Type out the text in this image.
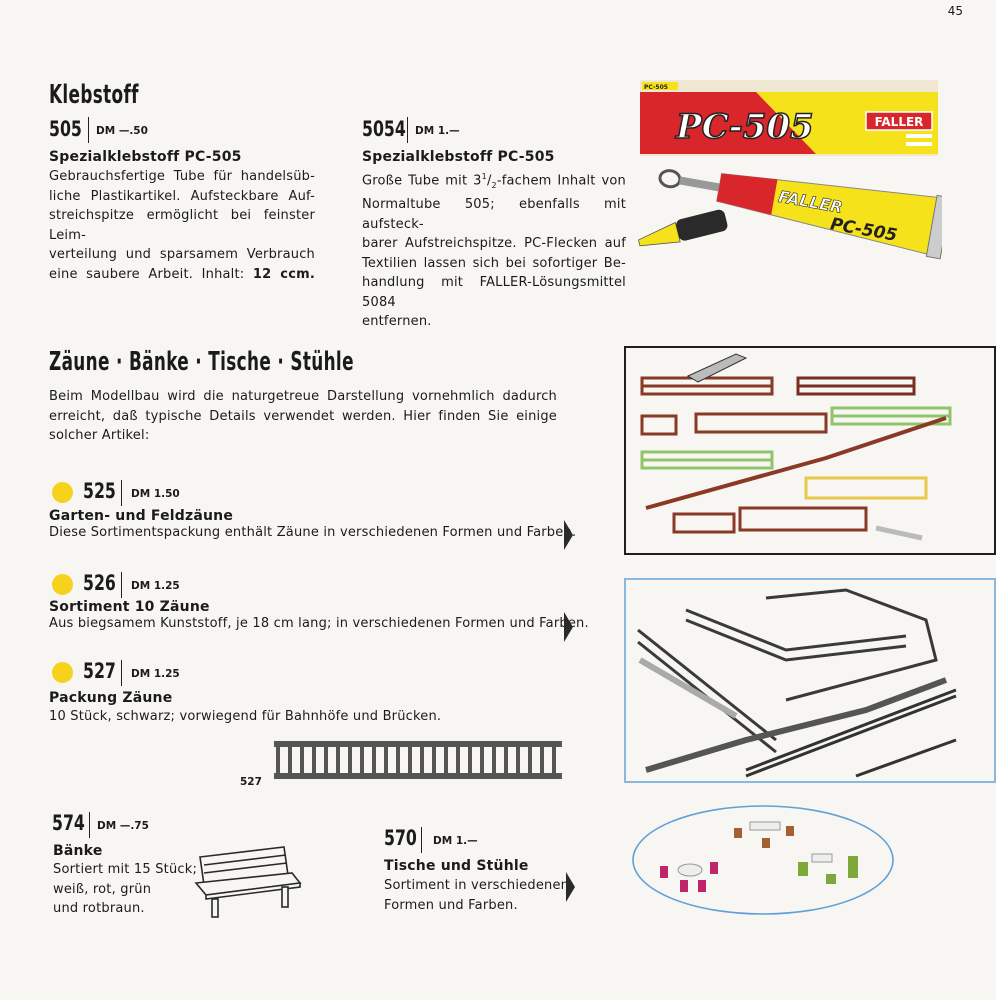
45
Klebstoff
505 DM —.50
Spezialklebstoff PC-505
Gebrauchsfertige Tube für handelsüb-
liche Plastikartikel. Aufsteckbare Auf-
streichspitze ermöglicht bei feinster Leim-
verteilung und sparsamem Verbrauch
eine saubere Arbeit. Inhalt: 12 ccm.
5054 DM 1.—
Spezialklebstoff PC-505
Große Tube mit $3^1/_2$-fachem Inhalt von
Normaltube 505; ebenfalls mit aufsteck-
barer Aufstreichspitze. PC-Flecken auf
Textilien lassen sich bei sofortiger Be-
handlung mit FALLER-Lösungsmittel 5084
entfernen.
PC-505
PC-505	FALLER
FALLER
PC-505
Zäune · Bänke · Tische · Stühle
Beim Modellbau wird die naturgetreue Darstellung vornehmlich dadurch
erreicht, daß typische Details verwendet werden. Hier finden Sie einige
solcher Artikel:
525 DM 1.50
Garten- und Feldzäune
Diese Sortimentspackung enthält Zäune in verschiedenen Formen und Farben.
526 DM 1.25
Sortiment 10 Zäune
Aus biegsamem Kunststoff, je 18 cm lang; in verschiedenen Formen und Farben.
527 DM 1.25
Packung Zäune
10 Stück, schwarz; vorwiegend für Bahnhöfe und Brücken.
527
574 DM —.75
Bänke
Sortiert mit 15 Stück;
weiß, rot, grün
und rotbraun.
570 DM 1.—
Tische und Stühle
Sortiment in verschiedenen
Formen und Farben.
